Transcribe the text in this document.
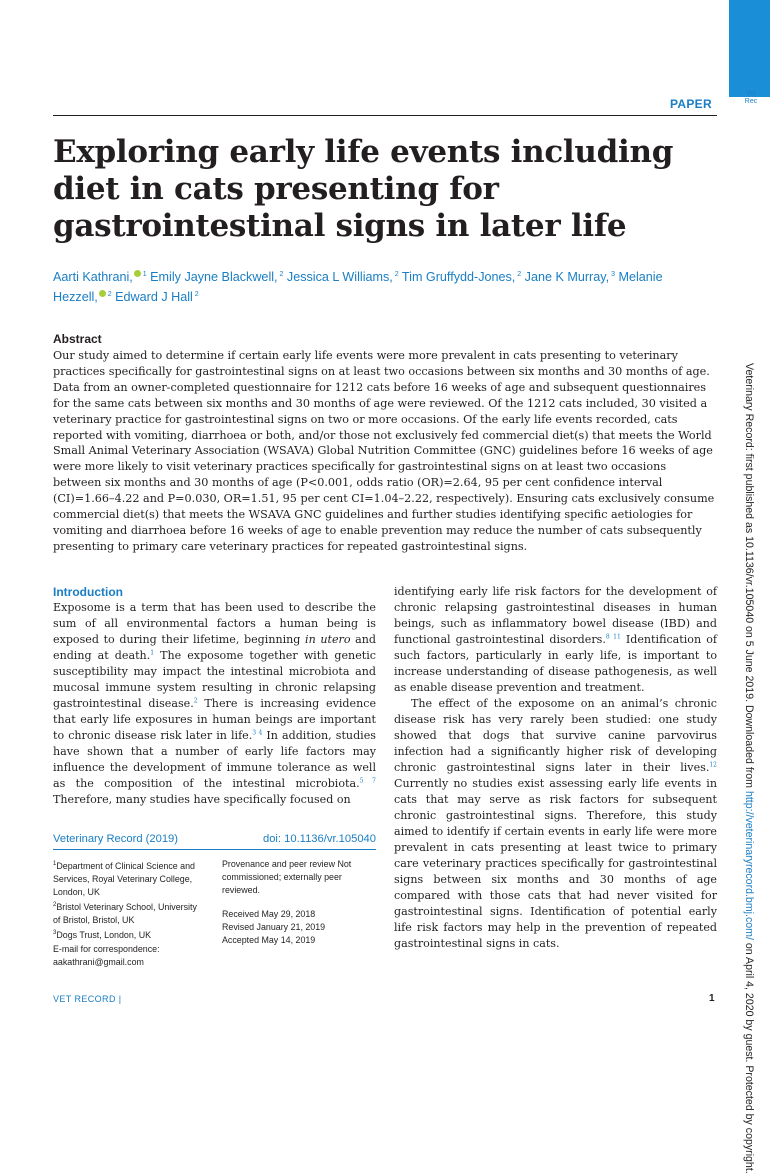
Vet Rec
Veterinary Record: first published as 10.1136/vr.105040 on 5 June 2019. Downloaded from http://veterinaryrecord.bmj.com/ on April 4, 2020 by guest. Protected by copyright.
PAPER
Exploring early life events including diet in cats presenting for gastrointestinal signs in later life
Aarti Kathrani, $^1$ Emily Jayne Blackwell, $^2$ Jessica L Williams, $^2$ Tim Gruffydd-Jones, $^2$ Jane K Murray, $^3$ Melanie Hezzell, $^2$ Edward J Hall $^2$
Abstract
Our study aimed to determine if certain early life events were more prevalent in cats presenting to veterinary practices specifically for gastrointestinal signs on at least two occasions between six months and 30 months of age. Data from an owner-completed questionnaire for 1212 cats before 16 weeks of age and subsequent questionnaires for the same cats between six months and 30 months of age were reviewed. Of the 1212 cats included, 30 visited a veterinary practice for gastrointestinal signs on two or more occasions. Of the early life events recorded, cats reported with vomiting, diarrhoea or both, and/or those not exclusively fed commercial diet(s) that meets the World Small Animal Veterinary Association (WSAVA) Global Nutrition Committee (GNC) guidelines before 16 weeks of age were more likely to visit veterinary practices specifically for gastrointestinal signs on at least two occasions between six months and 30 months of age (P<0.001, odds ratio (OR)=2.64, 95 per cent confidence interval (CI)=1.66–4.22 and P=0.030, OR=1.51, 95 per cent CI=1.04–2.22, respectively). Ensuring cats exclusively consume commercial diet(s) that meets the WSAVA GNC guidelines and further studies identifying specific aetiologies for vomiting and diarrhoea before 16 weeks of age to enable prevention may reduce the number of cats subsequently presenting to primary care veterinary practices for repeated gastrointestinal signs.
Introduction

Exposome is a term that has been used to describe the sum of all environmental factors a human being is exposed to during their lifetime, beginning in utero and ending at death.$^1$ The exposome together with genetic susceptibility may impact the intestinal microbiota and mucosal immune system resulting in chronic relapsing gastrointestinal disease.$^2$ There is increasing evidence that early life exposures in human beings are important to chronic disease risk later in life.$^{3 4}$ In addition, studies have shown that a number of early life factors may influence the development of immune tolerance as well as the composition of the intestinal microbiota.$^{5 7}$ Therefore, many studies have specifically focused on

identifying early life risk factors for the development of chronic relapsing gastrointestinal diseases in human beings, such as inflammatory bowel disease (IBD) and functional gastrointestinal disorders.$^{8 11}$ Identification of such factors, particularly in early life, is important to increase understanding of disease pathogenesis, as well as enable disease prevention and treatment.

The effect of the exposome on an animal’s chronic disease risk has very rarely been studied: one study showed that dogs that survive canine parvovirus infection had a significantly higher risk of developing chronic gastrointestinal signs later in their lives.$^{12}$ Currently no studies exist assessing early life events in cats that may serve as risk factors for subsequent chronic gastrointestinal signs. Therefore, this study aimed to identify if certain events in early life were more prevalent in cats presenting at least twice to primary care veterinary practices specifically for gastrointestinal signs between six months and 30 months of age compared with those cats that had never visited for gastrointestinal signs. Identification of potential early life risk factors may help in the prevention of repeated gastrointestinal signs in cats.

Veterinary Record (2019)	doi: 10.1136/vr.105040
$^1$Department of Clinical Science and Services, Royal Veterinary College, London, UK
$^2$Bristol Veterinary School, University of Bristol, Bristol, UK
$^3$Dogs Trust, London, UK
E-mail for correspondence:
aakathrani@gmail.com
Provenance and peer review Not commissioned; externally peer reviewed.
Received May 29, 2018
Revised January 21, 2019
Accepted May 14, 2019
VET RECORD |	1
